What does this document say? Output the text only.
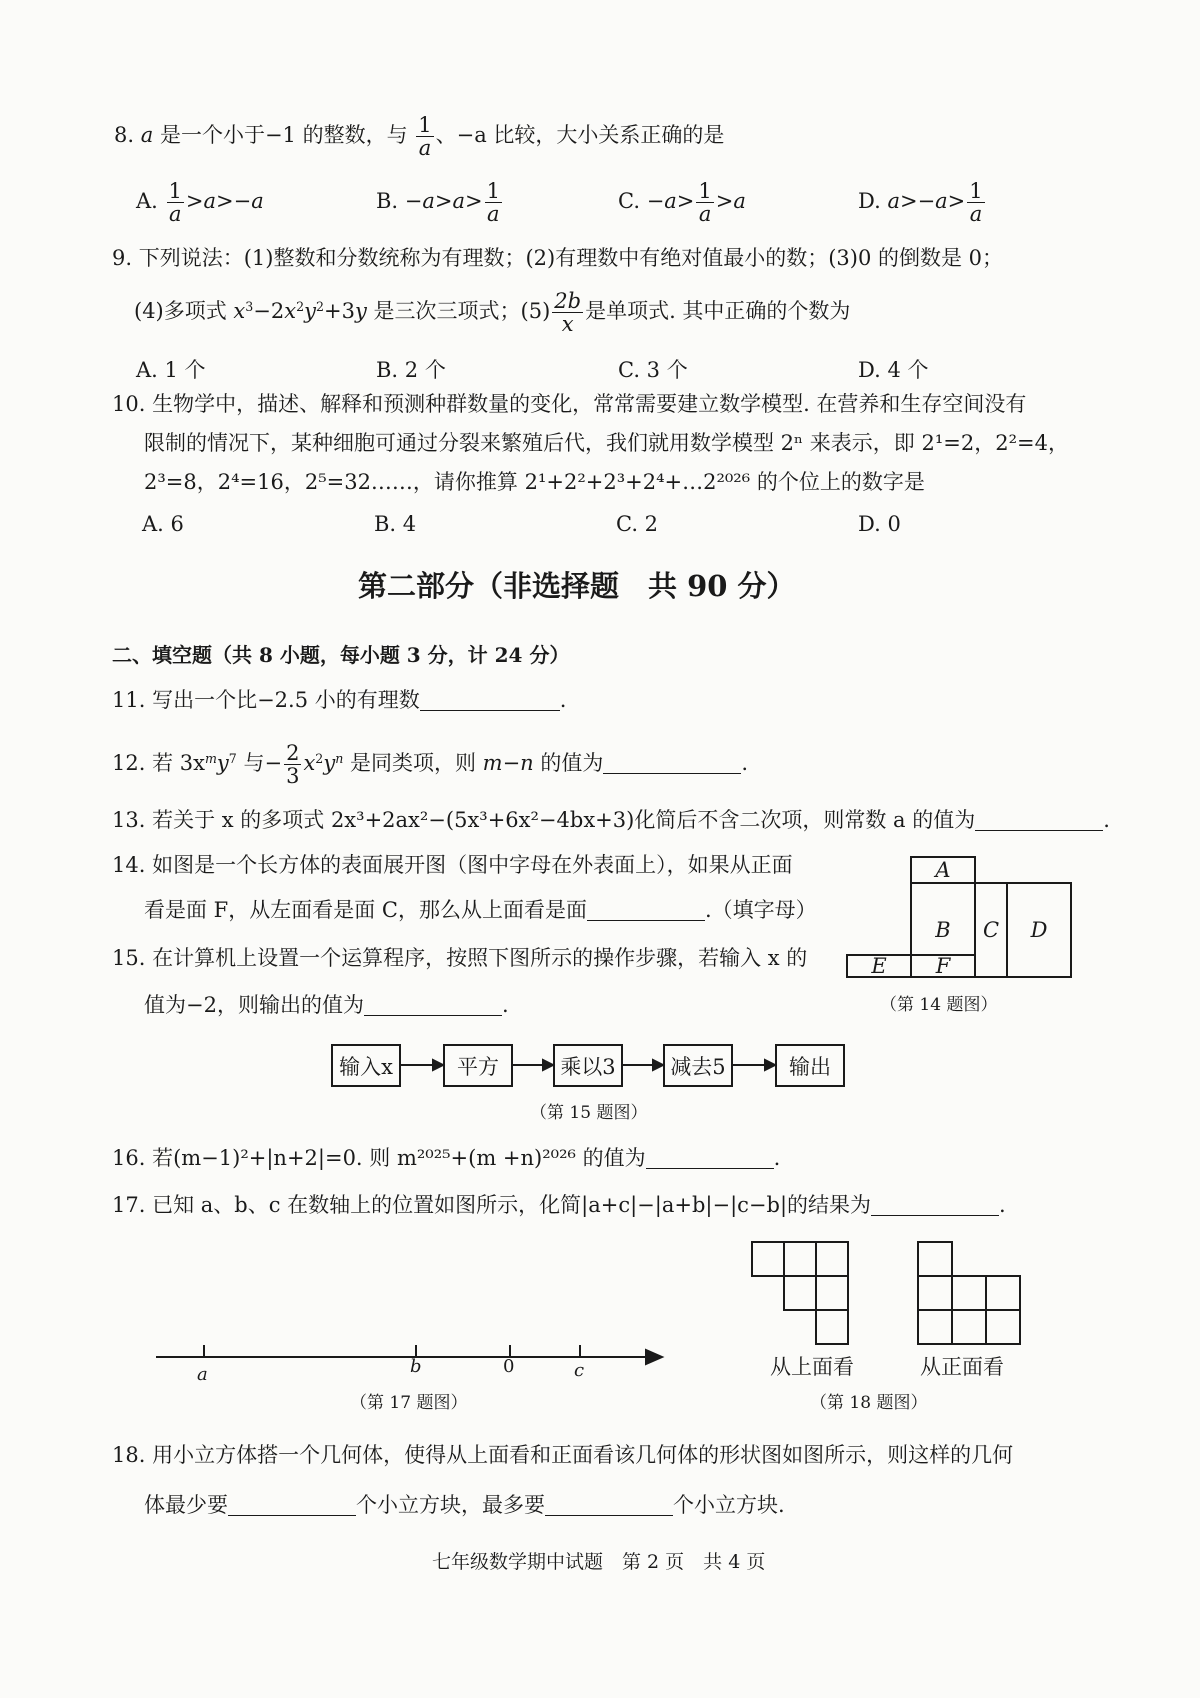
8. a 是一个小于−1 的整数，与 $\frac{1}{a}$ 、−a 比较，大小关系正确的是
A. $\frac{1}{a} >a>-a$	B. $-a>a> \frac{1}{a}$	C. $-a> \frac{1}{a} >a$	D. $a>-a> \frac{1}{a}$
9. 下列说法：(1)整数和分数统称为有理数；(2)有理数中有绝对值最小的数；(3)0 的倒数是 0；
(4)多项式 $x^3-2x^2y^2+3y$ 是三次三项式；$(5) \frac{2b}{x}$ 是单项式. 其中正确的个数为
A. 1 个	B. 2 个	C. 3 个	D. 4 个
10. 生物学中，描述、解释和预测种群数量的变化，常常需要建立数学模型. 在营养和生存空间没有
限制的情况下，某种细胞可通过分裂来繁殖后代，我们就用数学模型 2ⁿ 来表示，即 2¹=2，2²=4，
2³=8，2⁴=16，2⁵=32……，请你推算 2¹+2²+2³+2⁴+…2²⁰²⁶ 的个位上的数字是
A. 6	B. 4	C. 2	D. 0
第二部分（非选择题　共 90 分）
二、填空题（共 8 小题，每小题 3 分，计 24 分）
11. 写出一个比−2.5 小的有理数	.
12. 若 $3x^my^7$ 与− $\frac{2}{3} x^2y^n$ 是同类项，则 m−n 的值为	.
13. 若关于 x 的多项式 2x³+2ax²−(5x³+6x²−4bx+3)化简后不含二次项，则常数 a 的值为	.
14. 如图是一个长方体的表面展开图（图中字母在外表面上），如果从正面
看是面 F，从左面看是面 C，那么从上面看是面	.（填字母）
A
B	C	D
E	F
（第 14 题图）
15. 在计算机上设置一个运算程序，按照下图所示的操作步骤，若输入 x 的
值为−2，则输出的值为	.
输入x	平方	乘以3	减去5	输出
（第 15 题图）
16. 若(m−1)²+|n+2|=0. 则 m²⁰²⁵+(m +n)²⁰²⁶ 的值为	.
17. 已知 a、b、c 在数轴上的位置如图所示，化简|a+c|−|a+b|−|c−b|的结果为	.
a	b	0	c
（第 17 题图）
从上面看	从正面看
（第 18 题图）
18. 用小立方体搭一个几何体，使得从上面看和正面看该几何体的形状图如图所示，则这样的几何
体最少要	个小立方块，最多要	个小立方块.
七年级数学期中试题　第 2 页　共 4 页
